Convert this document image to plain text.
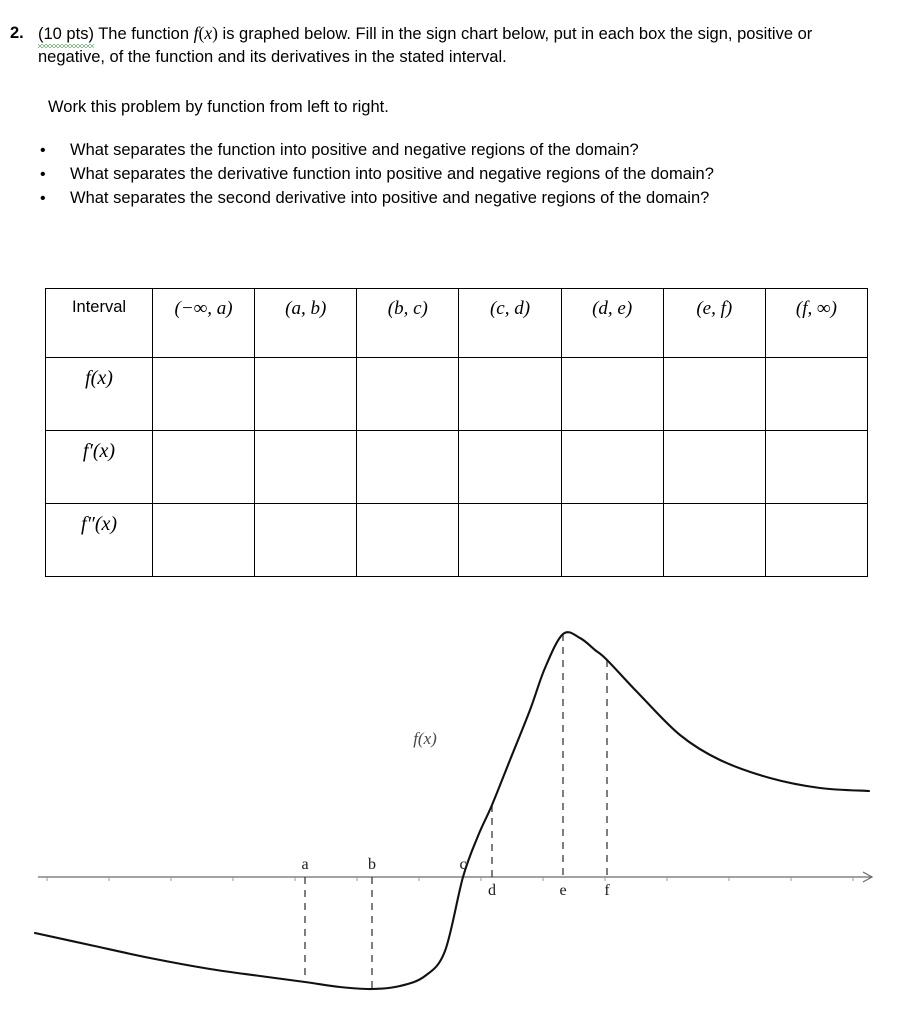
2. (10 pts) The function f(x) is graphed below. Fill in the sign chart below, put in each box the sign, positive or negative, of the function and its derivatives in the stated interval.
Work this problem by function from left to right.
•	What separates the function into positive and negative regions of the domain?
•	What separates the derivative function into positive and negative regions of the domain?
•	What separates the second derivative into positive and negative regions of the domain?
Interval	(−∞, a)	(a, b)	(b, c)	(c, d)	(d, e)	(e, f)	(f, ∞)
f(x)							
f′(x)							
f″(x)							
f(x)
a	b	c
d	e f
